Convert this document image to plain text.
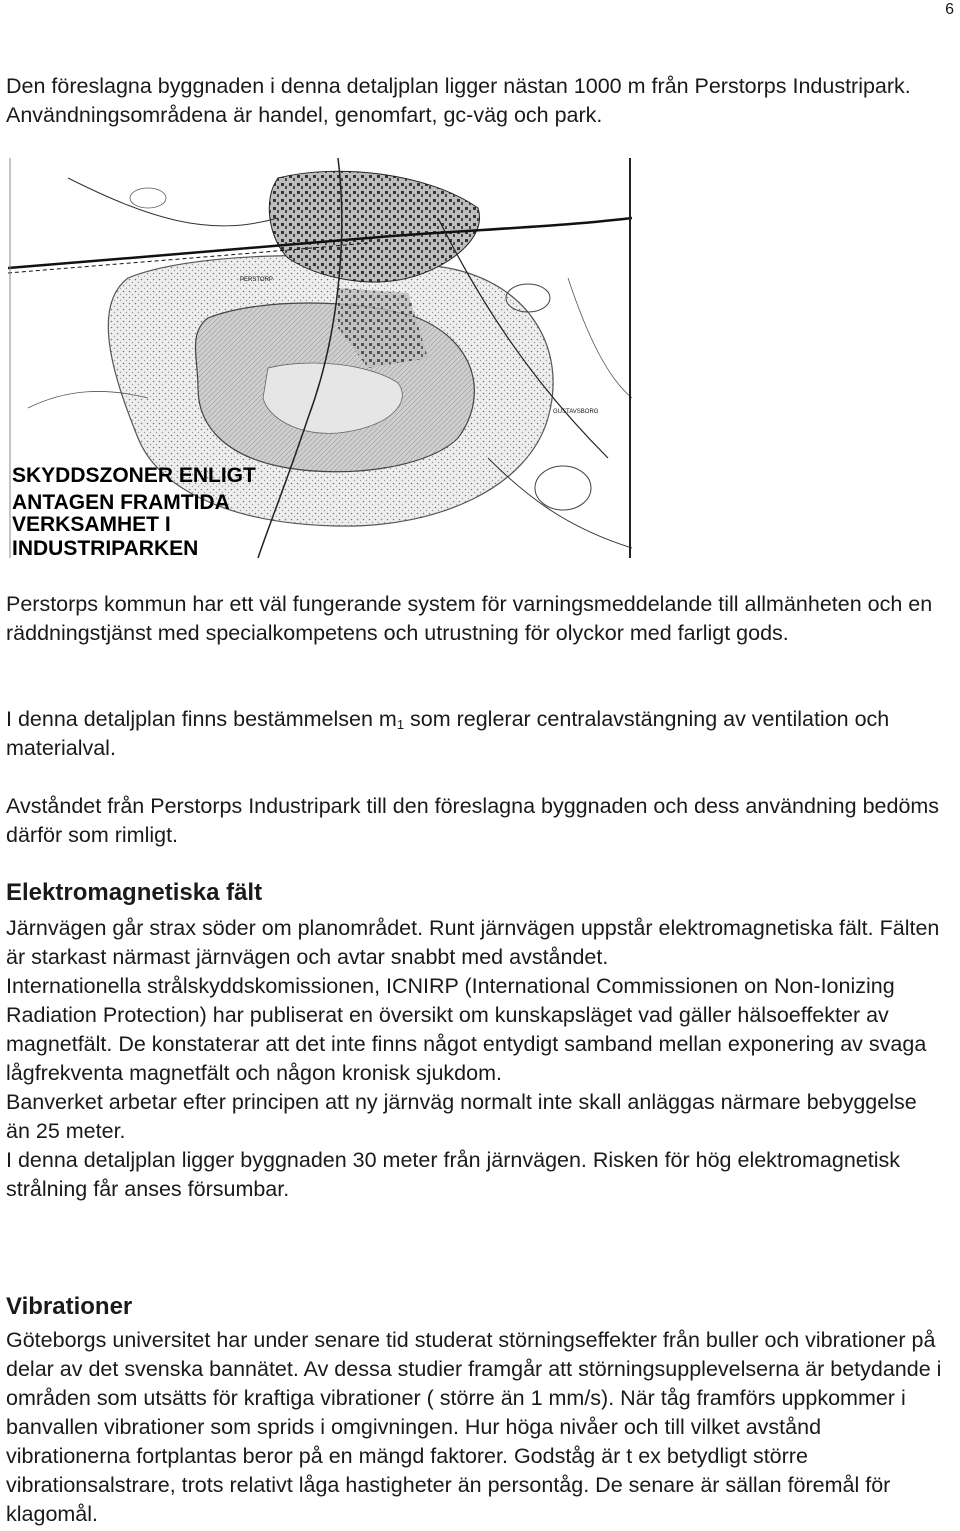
6

Den föreslagna byggnaden i denna detaljplan ligger nästan 1000 m från Perstorps Industripark. Användningsområdena är handel, genomfart, gc-väg och park.

PERSTORP
GUSTAVSBORG
SKYDDSZONER ENLIGT
ANTAGEN FRAMTIDA
VERKSAMHET I
INDUSTRIPARKEN

Perstorps kommun har ett väl fungerande system för varningsmeddelande till allmänheten och en räddningstjänst med specialkompetens och utrustning för olyckor med farligt gods.

I denna detaljplan finns bestämmelsen $m_1$ som reglerar centralavstängning av ventilation och materialval.

Avståndet från Perstorps Industripark till den föreslagna byggnaden och dess användning bedöms därför som rimligt.

Elektromagnetiska fält

Järnvägen går strax söder om planområdet. Runt järnvägen uppstår elektromagnetiska fält. Fälten är starkast närmast järnvägen och avtar snabbt med avståndet.

Internationella strålskyddskomissionen, ICNIRP (International Commissionen on Non-Ionizing Radiation Protection) har publiserat en översikt om kunskapsläget vad gäller hälsoeffekter av magnetfält. De konstaterar att det inte finns något entydigt samband mellan exponering av svaga lågfrekventa magnetfält och någon kronisk sjukdom.

Banverket arbetar efter principen att ny järnväg normalt inte skall anläggas närmare bebyggelse än 25 meter.

I denna detaljplan ligger byggnaden 30 meter från järnvägen. Risken för hög elektromagnetisk strålning får anses försumbar.

Vibrationer

Göteborgs universitet har under senare tid studerat störningseffekter från buller och vibrationer på delar av det svenska bannätet. Av dessa studier framgår att störningsupplevelserna är betydande i områden som utsätts för kraftiga vibrationer ( större än 1 mm/s). När tåg framförs uppkommer i banvallen vibrationer som sprids i omgivningen. Hur höga nivåer och till vilket avstånd vibrationerna fortplantas beror på en mängd faktorer. Godståg är t ex betydligt större vibrationsalstrare, trots relativt låga hastigheter än persontåg. De senare är sällan föremål för klagomål.
